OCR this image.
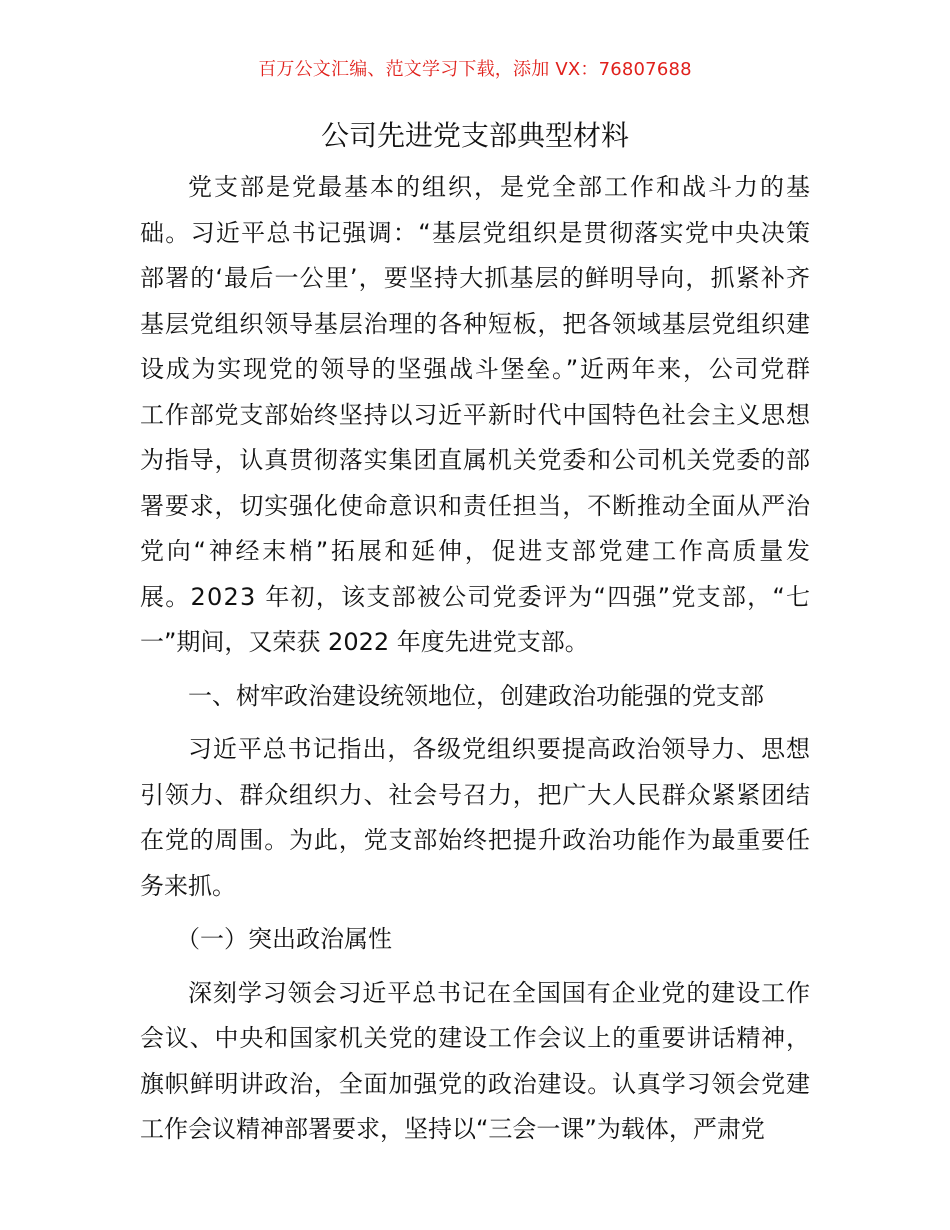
百万公文汇编、范文学习下载，添加 VX：76807688
公司先进党支部典型材料

党支部是党最基本的组织，是党全部工作和战斗力的基
础。习近平总书记强调：“基层党组织是贯彻落实党中央决策
部署的‘最后一公里’，要坚持大抓基层的鲜明导向，抓紧补齐
基层党组织领导基层治理的各种短板，把各领域基层党组织建
设成为实现党的领导的坚强战斗堡垒。”近两年来，公司党群
工作部党支部始终坚持以习近平新时代中国特色社会主义思想
为指导，认真贯彻落实集团直属机关党委和公司机关党委的部
署要求，切实强化使命意识和责任担当，不断推动全面从严治
党向“神经末梢”拓展和延伸，促进支部党建工作高质量发
展。2023 年初，该支部被公司党委评为“四强”党支部，“七
一”期间，又荣获 2022 年度先进党支部。

一、树牢政治建设统领地位，创建政治功能强的党支部

习近平总书记指出，各级党组织要提高政治领导力、思想
引领力、群众组织力、社会号召力，把广大人民群众紧紧团结
在党的周围。为此，党支部始终把提升政治功能作为最重要任
务来抓。

（一）突出政治属性

深刻学习领会习近平总书记在全国国有企业党的建设工作
会议、中央和国家机关党的建设工作会议上的重要讲话精神，
旗帜鲜明讲政治，全面加强党的政治建设。认真学习领会党建
工作会议精神部署要求，坚持以“三会一课”为载体，严肃党
